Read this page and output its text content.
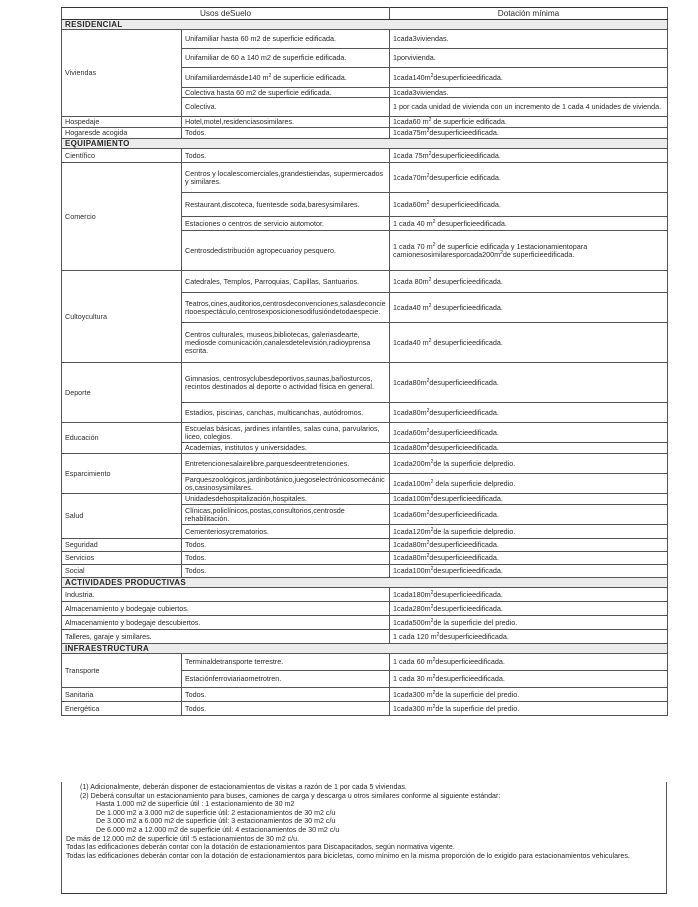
Usos deSuelo		Dotación mínima
RESIDENCIAL		
Viviendas	Unifamiliar hasta 60 m2 de superficie edificada.	1cada3viviendas.
	Unifamiliar de 60 a 140 m2 de superficie edificada.	1porvivienda.
	Unifamiliardemásde140 $m^2$ de superficie edificada.	$1cada140m^2desuperficieedificada$.
	Colectiva hasta 60 m2 de superficie edificada.	1cada3viviendas.
	Colectiva.	1 por cada unidad de vivienda con un incremento de 1 cada 4 unidades de vivienda.
Hospedaje	Hotel,motel,residenciasosimilares.	1cada60 $m^2$ de superficie edificada.
Hogaresde acogida	Todos.	$1cada75m^2desuperficieedificada$.
EQUIPAMIENTO		
Científico	Todos.	1cada $75m^2desuperficieedificada$.
Comercio	Centros y localescomerciales,grandestiendas, supermercados y similares.	$1cada70m^2desuperficie$ edificada.
	Restaurant,discoteca, fuentesde soda,baresysimilares.	$1cada60m^2$ desuperficieedificada.
	Estaciones o centros de servicio automotor.	1 cada 40 $m^2$ desuperficieedificada.
	Centrosdedistribución agropecuarioy pesquero.	1 cada 70 $m^2$ de superficie edificada y 1estacionamientopara $camionesosimilaresporcada200m^2de$ superficieedificada.
Cultoycultura	Catedrales, Templos, Parroquias, Capillas, Santuarios.	1cada $80m^2$ desuperficieedificada.
	Teatros,cines,auditorios,centrosdeconvenciones,salasdeconciertooespectáculo,centrosexposicionesodifusióndetodaespecie.	1cada40 $m^2$ desuperficieedificada.
	Centros culturales, museos,bibliotecas, galeriasdearte, mediosde comunicación,canalesdetelevisión,radioyprensa escrita.	1cada40 $m^2$ desuperficieedificada.
Deporte	Gimnasios, centrosyclubesdeportivos,saunas,bañosturcos, recintos destinados al deporte o actividad física en general.	$1cada80m^2desuperficieedificada$.
	Estadios, piscinas, canchas, multicanchas, autódromos.	$1cada80m^2desuperficieedificada$.
Educación	Escuelas básicas, jardines infantiles, salas cuna, parvularios, liceo, colegios.	$1cada60m^2desuperficieedificada$.
	Academias, institutos y universidades.	$1cada80m^2desuperficieedificada$.
Esparcimiento	Entretencionesalairelibre,parquesdeentretenciones.	$1cada200m^2de$ la superficie delpredio.
	Parqueszoológicos,jardinbotánico,juegoselectrónicosomecánicos,casinosysimilares.	$1cada100m^2$ dela superficie delpredio.
Salud	Unidadesdehospitalización,hospitales.	$1cada100m^2desuperficieedificada$.
	Clínicas,policlínicos,postas,consultorios,centrosde rehabilitación.	$1cada60m^2desuperficieedificada$.
	Cementeriosycrematorios.	$1cada120m^2de$ la superficie delpredio.
Seguridad	Todos.	$1cada80m^2desuperficieedificada$.
Servicios	Todos.	$1cada80m^2desuperficieedificada$.
Social	Todos.	$1cada100m^2desuperficieedificada$.
ACTIVIDADES PRODUCTIVAS		
Industria.		$1cada180m^2desuperficieedificada$.
Almacenamiento y bodegaje cubiertos.		$1cada280m^2desuperficieedificada$.
Almacenamiento y bodegaje descubiertos.		$1cada500m^2de$ la superficie del predio.
Talleres, garaje y similares.		1 cada 120 $m^2desuperficieedificada$.
INFRAESTRUCTURA		
Transporte	Terminaldetransporte terrestre.	1 cada 60 $m^2desuperficieedificada$.
	Estaciónferroviariaometrotren.	1 cada 30 $m^2desuperficieedificada$.
Sanitaria	Todos.	1cada300 $m^2de$ la superficie del predio.
Energética	Todos.	1cada300 $m^2de$ la superficie del predio.

(1) Adicionalmente, deberán disponer de estacionamientos de visitas a razón de 1 por cada 5 viviendas.

(2) Deberá consultar un estacionamiento para buses, camiones de carga y descarga u otros similares conforme al siguiente estándar:

Hasta 1.000 m2 de superficie útil : 1 estacionamiento de 30 m2

De 1.000 m2 a 3.000 m2 de superficie útil: 2 estacionamientos de 30 m2 c/u

De 3.000 m2 a 6.000 m2 de superficie útil: 3 estacionamientos de 30 m2 c/u

De 6.000 m2 a 12.000 m2 de superficie útil: 4 estacionamientos de 30 m2 c/u

De más de 12.000 m2 de superficie útil :5 estacionamientos de 30 m2 c/u.

Todas las edificaciones deberán contar con la dotación de estacionamientos para Discapacitados, según normativa vigente.

Todas las edificaciones deberán contar con la dotación de estacionamientos para bicicletas, como mínimo en la misma proporción de lo exigido para estacionamientos vehiculares.
